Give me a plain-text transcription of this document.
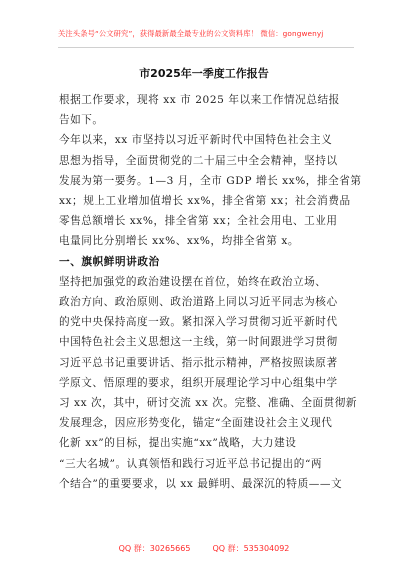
关注头条号“公文研究”，获得最新最全最专业的公文资料库！ 微信：gongwenyj
市2025年一季度工作报告

根据工作要求，现将 xx 市 2025 年以来工作情况总结报
告如下。

今年以来，xx 市坚持以习近平新时代中国特色社会主义
思想为指导，全面贯彻党的二十届三中全会精神，坚持以
发展为第一要务。1—3 月，全市 GDP 增长 xx%，排全省第
xx；规上工业增加值增长 xx%，排全省第 xx；社会消费品
零售总额增长 xx%，排全省第 xx；全社会用电、工业用
电量同比分别增长 xx%、xx%，均排全省第 x。

一、旗帜鲜明讲政治

坚持把加强党的政治建设摆在首位，始终在政治立场、
政治方向、政治原则、政治道路上同以习近平同志为核心
的党中央保持高度一致。紧扣深入学习贯彻习近平新时代
中国特色社会主义思想这一主线，第一时间跟进学习贯彻
习近平总书记重要讲话、指示批示精神，严格按照读原著
学原文、悟原理的要求，组织开展理论学习中心组集中学
习 xx 次，其中，研讨交流 xx 次。完整、准确、全面贯彻新
发展理念，因应形势变化，锚定“全面建设社会主义现代
化新 xx”的目标，提出实施“xx”战略，大力建设
“三大名城”。认真领悟和践行习近平总书记提出的“两
个结合”的重要要求，以 xx 最鲜明、最深沉的特质——文

QQ 群：30265665	QQ 群：535304092
